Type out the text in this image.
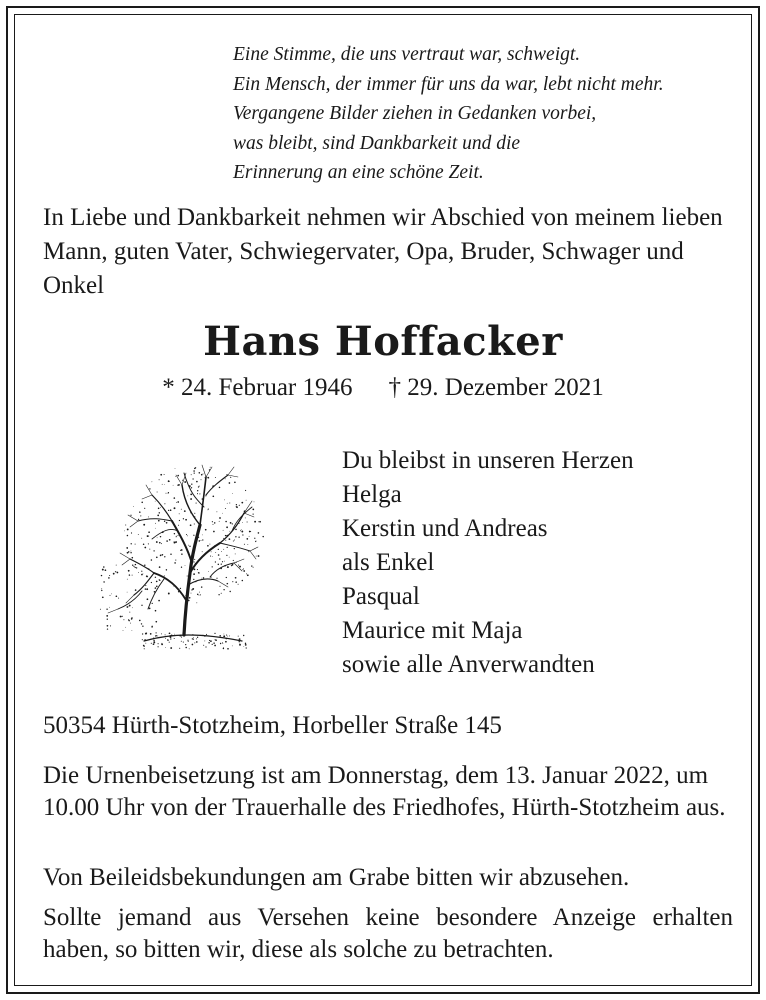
Eine Stimme, die uns vertraut war, schweigt.
Ein Mensch, der immer für uns da war, lebt nicht mehr.
Vergangene Bilder ziehen in Gedanken vorbei,
was bleibt, sind Dankbarkeit und die
Erinnerung an eine schöne Zeit.
In Liebe und Dankbarkeit nehmen wir Abschied von meinem lieben Mann, guten Vater, Schwiegervater, Opa, Bruder, Schwager und Onkel
Hans Hoffacker
* 24. Februar 1946 † 29. Dezember 2021
Du bleibst in unseren Herzen
Helga
Kerstin und Andreas
als Enkel
Pasqual
Maurice mit Maja
sowie alle Anverwandten
50354 Hürth-Stotzheim, Horbeller Straße 145
Die Urnenbeisetzung ist am Donnerstag, dem 13. Januar 2022, um 10.00 Uhr von der Trauerhalle des Friedhofes, Hürth-Stotzheim aus.
Von Beileidsbekundungen am Grabe bitten wir abzusehen.
Sollte jemand aus Versehen keine besondere Anzeige erhalten haben, so bitten wir, diese als solche zu betrachten.
